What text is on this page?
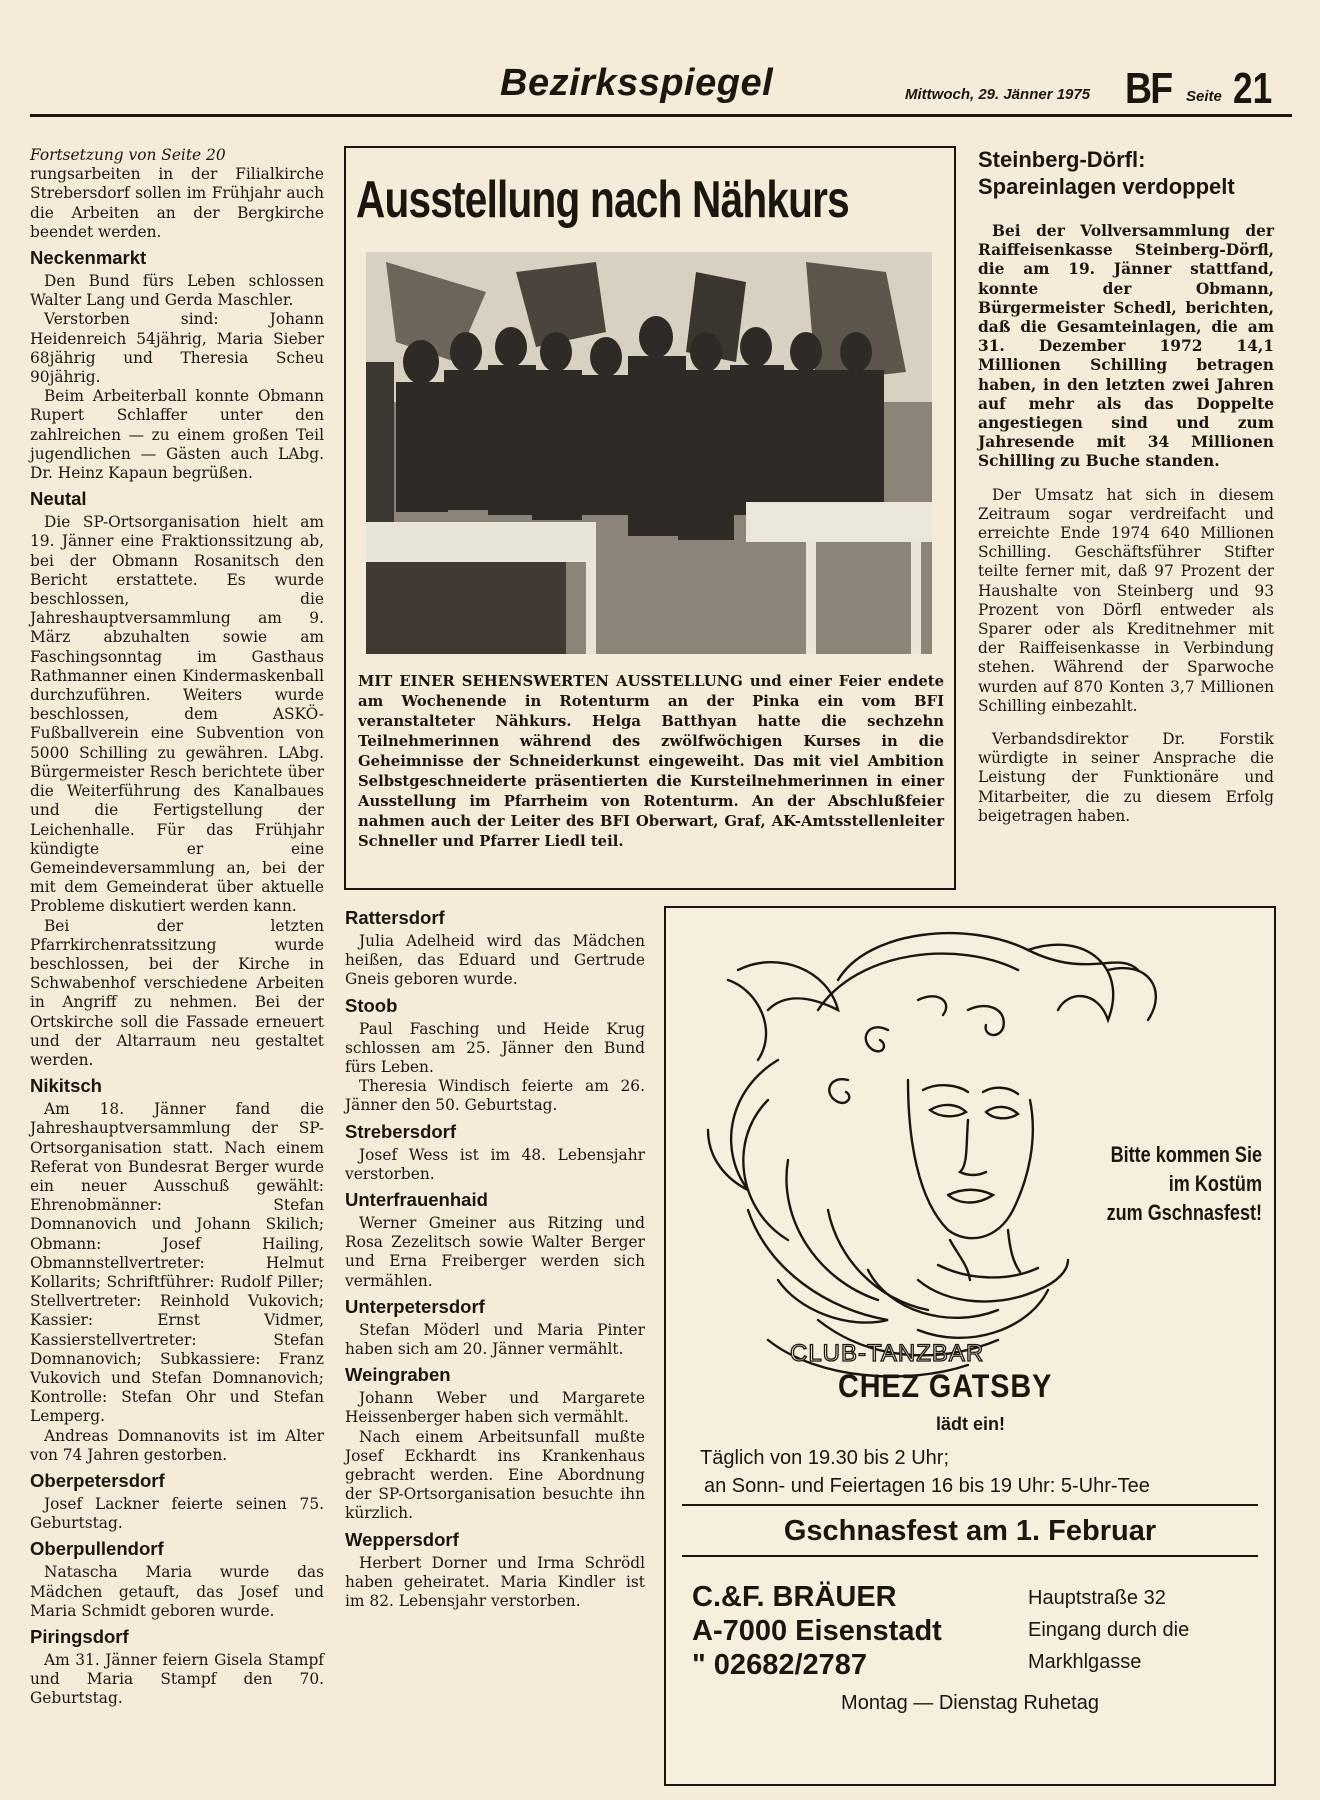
Bezirksspiegel	Mittwoch, 29. Jänner 1975 BF Seite 21

Fortsetzung von Seite 20

rungsarbeiten in der Filialkirche Strebersdorf sollen im Frühjahr auch die Arbeiten an der Bergkirche beendet werden.

Neckenmarkt

Den Bund fürs Leben schlossen Walter Lang und Gerda Maschler.

Verstorben sind: Johann Heidenreich 54jährig, Maria Sieber 68jährig und Theresia Scheu 90jährig.

Beim Arbeiterball konnte Obmann Rupert Schlaffer unter den zahlreichen — zu einem großen Teil jugendlichen — Gästen auch LAbg. Dr. Heinz Kapaun begrüßen.

Neutal

Die SP-Ortsorganisation hielt am 19. Jänner eine Fraktionssitzung ab, bei der Obmann Rosanitsch den Bericht erstattete. Es wurde beschlossen, die Jahreshauptversammlung am 9. März abzuhalten sowie am Faschingsonntag im Gasthaus Rathmanner einen Kindermaskenball durchzuführen. Weiters wurde beschlossen, dem ASKÖ-Fußballverein eine Subvention von 5000 Schilling zu gewähren. LAbg. Bürgermeister Resch berichtete über die Weiterführung des Kanalbaues und die Fertigstellung der Leichenhalle. Für das Frühjahr kündigte er eine Gemeindeversammlung an, bei der mit dem Gemeinderat über aktuelle Probleme diskutiert werden kann.

Bei der letzten Pfarrkirchenratssitzung wurde beschlossen, bei der Kirche in Schwabenhof verschiedene Arbeiten in Angriff zu nehmen. Bei der Ortskirche soll die Fassade erneuert und der Altarraum neu gestaltet werden.

Nikitsch

Am 18. Jänner fand die Jahreshauptversammlung der SP-Ortsorganisation statt. Nach einem Referat von Bundesrat Berger wurde ein neuer Ausschuß gewählt: Ehrenobmänner: Stefan Domnanovich und Johann Skilich; Obmann: Josef Hailing, Obmannstellvertreter: Helmut Kollarits; Schriftführer: Rudolf Piller; Stellvertreter: Reinhold Vukovich; Kassier: Ernst Vidmer, Kassierstellvertreter: Stefan Domnanovich; Subkassiere: Franz Vukovich und Stefan Domnanovich; Kontrolle: Stefan Ohr und Stefan Lemperg.

Andreas Domnanovits ist im Alter von 74 Jahren gestorben.

Oberpetersdorf

Josef Lackner feierte seinen 75. Geburtstag.

Oberpullendorf

Natascha Maria wurde das Mädchen getauft, das Josef und Maria Schmidt geboren wurde.

Piringsdorf

Am 31. Jänner feiern Gisela Stampf und Maria Stampf den 70. Geburtstag.

Ausstellung nach Nähkurs
MIT EINER SEHENSWERTEN AUSSTELLUNG und einer Feier endete am Wochenende in Rotenturm an der Pinka ein vom BFI veranstalteter Nähkurs. Helga Batthyan hatte die sechzehn Teilnehmerinnen während des zwölfwöchigen Kurses in die Geheimnisse der Schneiderkunst eingeweiht. Das mit viel Ambition Selbstgeschneiderte präsentierten die Kursteilnehmerinnen in einer Ausstellung im Pfarrheim von Rotenturm. An der Abschlußfeier nahmen auch der Leiter des BFI Oberwart, Graf, AK-Amtsstellenleiter Schneller und Pfarrer Liedl teil.
Rattersdorf

Julia Adelheid wird das Mädchen heißen, das Eduard und Gertrude Gneis geboren wurde.

Stoob

Paul Fasching und Heide Krug schlossen am 25. Jänner den Bund fürs Leben.

Theresia Windisch feierte am 26. Jänner den 50. Geburtstag.

Strebersdorf

Josef Wess ist im 48. Lebensjahr verstorben.

Unterfrauenhaid

Werner Gmeiner aus Ritzing und Rosa Zezelitsch sowie Walter Berger und Erna Freiberger werden sich vermählen.

Unterpetersdorf

Stefan Möderl und Maria Pinter haben sich am 20. Jänner vermählt.

Weingraben

Johann Weber und Margarete Heissenberger haben sich vermählt.

Nach einem Arbeitsunfall mußte Josef Eckhardt ins Krankenhaus gebracht werden. Eine Abordnung der SP-Ortsorganisation besuchte ihn kürzlich.

Weppersdorf

Herbert Dorner und Irma Schrödl haben geheiratet. Maria Kindler ist im 82. Lebensjahr verstorben.

Steinberg-Dörfl: Spareinlagen verdoppelt

Bei der Vollversammlung der Raiffeisenkasse Steinberg-Dörfl, die am 19. Jänner stattfand, konnte der Obmann, Bürgermeister Schedl, berichten, daß die Gesamteinlagen, die am 31. Dezember 1972 14,1 Millionen Schilling betragen haben, in den letzten zwei Jahren auf mehr als das Doppelte angestiegen sind und zum Jahresende mit 34 Millionen Schilling zu Buche standen.

Der Umsatz hat sich in diesem Zeitraum sogar verdreifacht und erreichte Ende 1974 640 Millionen Schilling. Geschäftsführer Stifter teilte ferner mit, daß 97 Prozent der Haushalte von Steinberg und 93 Prozent von Dörfl entweder als Sparer oder als Kreditnehmer mit der Raiffeisenkasse in Verbindung stehen. Während der Sparwoche wurden auf 870 Konten 3,7 Millionen Schilling einbezahlt.

Verbandsdirektor Dr. Forstik würdigte in seiner Ansprache die Leistung der Funktionäre und Mitarbeiter, die zu diesem Erfolg beigetragen haben.

Bitte kommen Sie
im Kostüm
zum Gschnasfest!
CLUB-TANZBAR
CHEZ GATSBY
lädt ein!
Täglich von 19.30 bis 2 Uhr;
an Sonn- und Feiertagen 16 bis 19 Uhr: 5-Uhr-Tee
Gschnasfest am 1. Februar
C.&F. BRÄUER
A-7000 Eisenstadt
" 02682/2787
Hauptstraße 32
Eingang durch die
Markhlgasse
Montag — Dienstag Ruhetag
